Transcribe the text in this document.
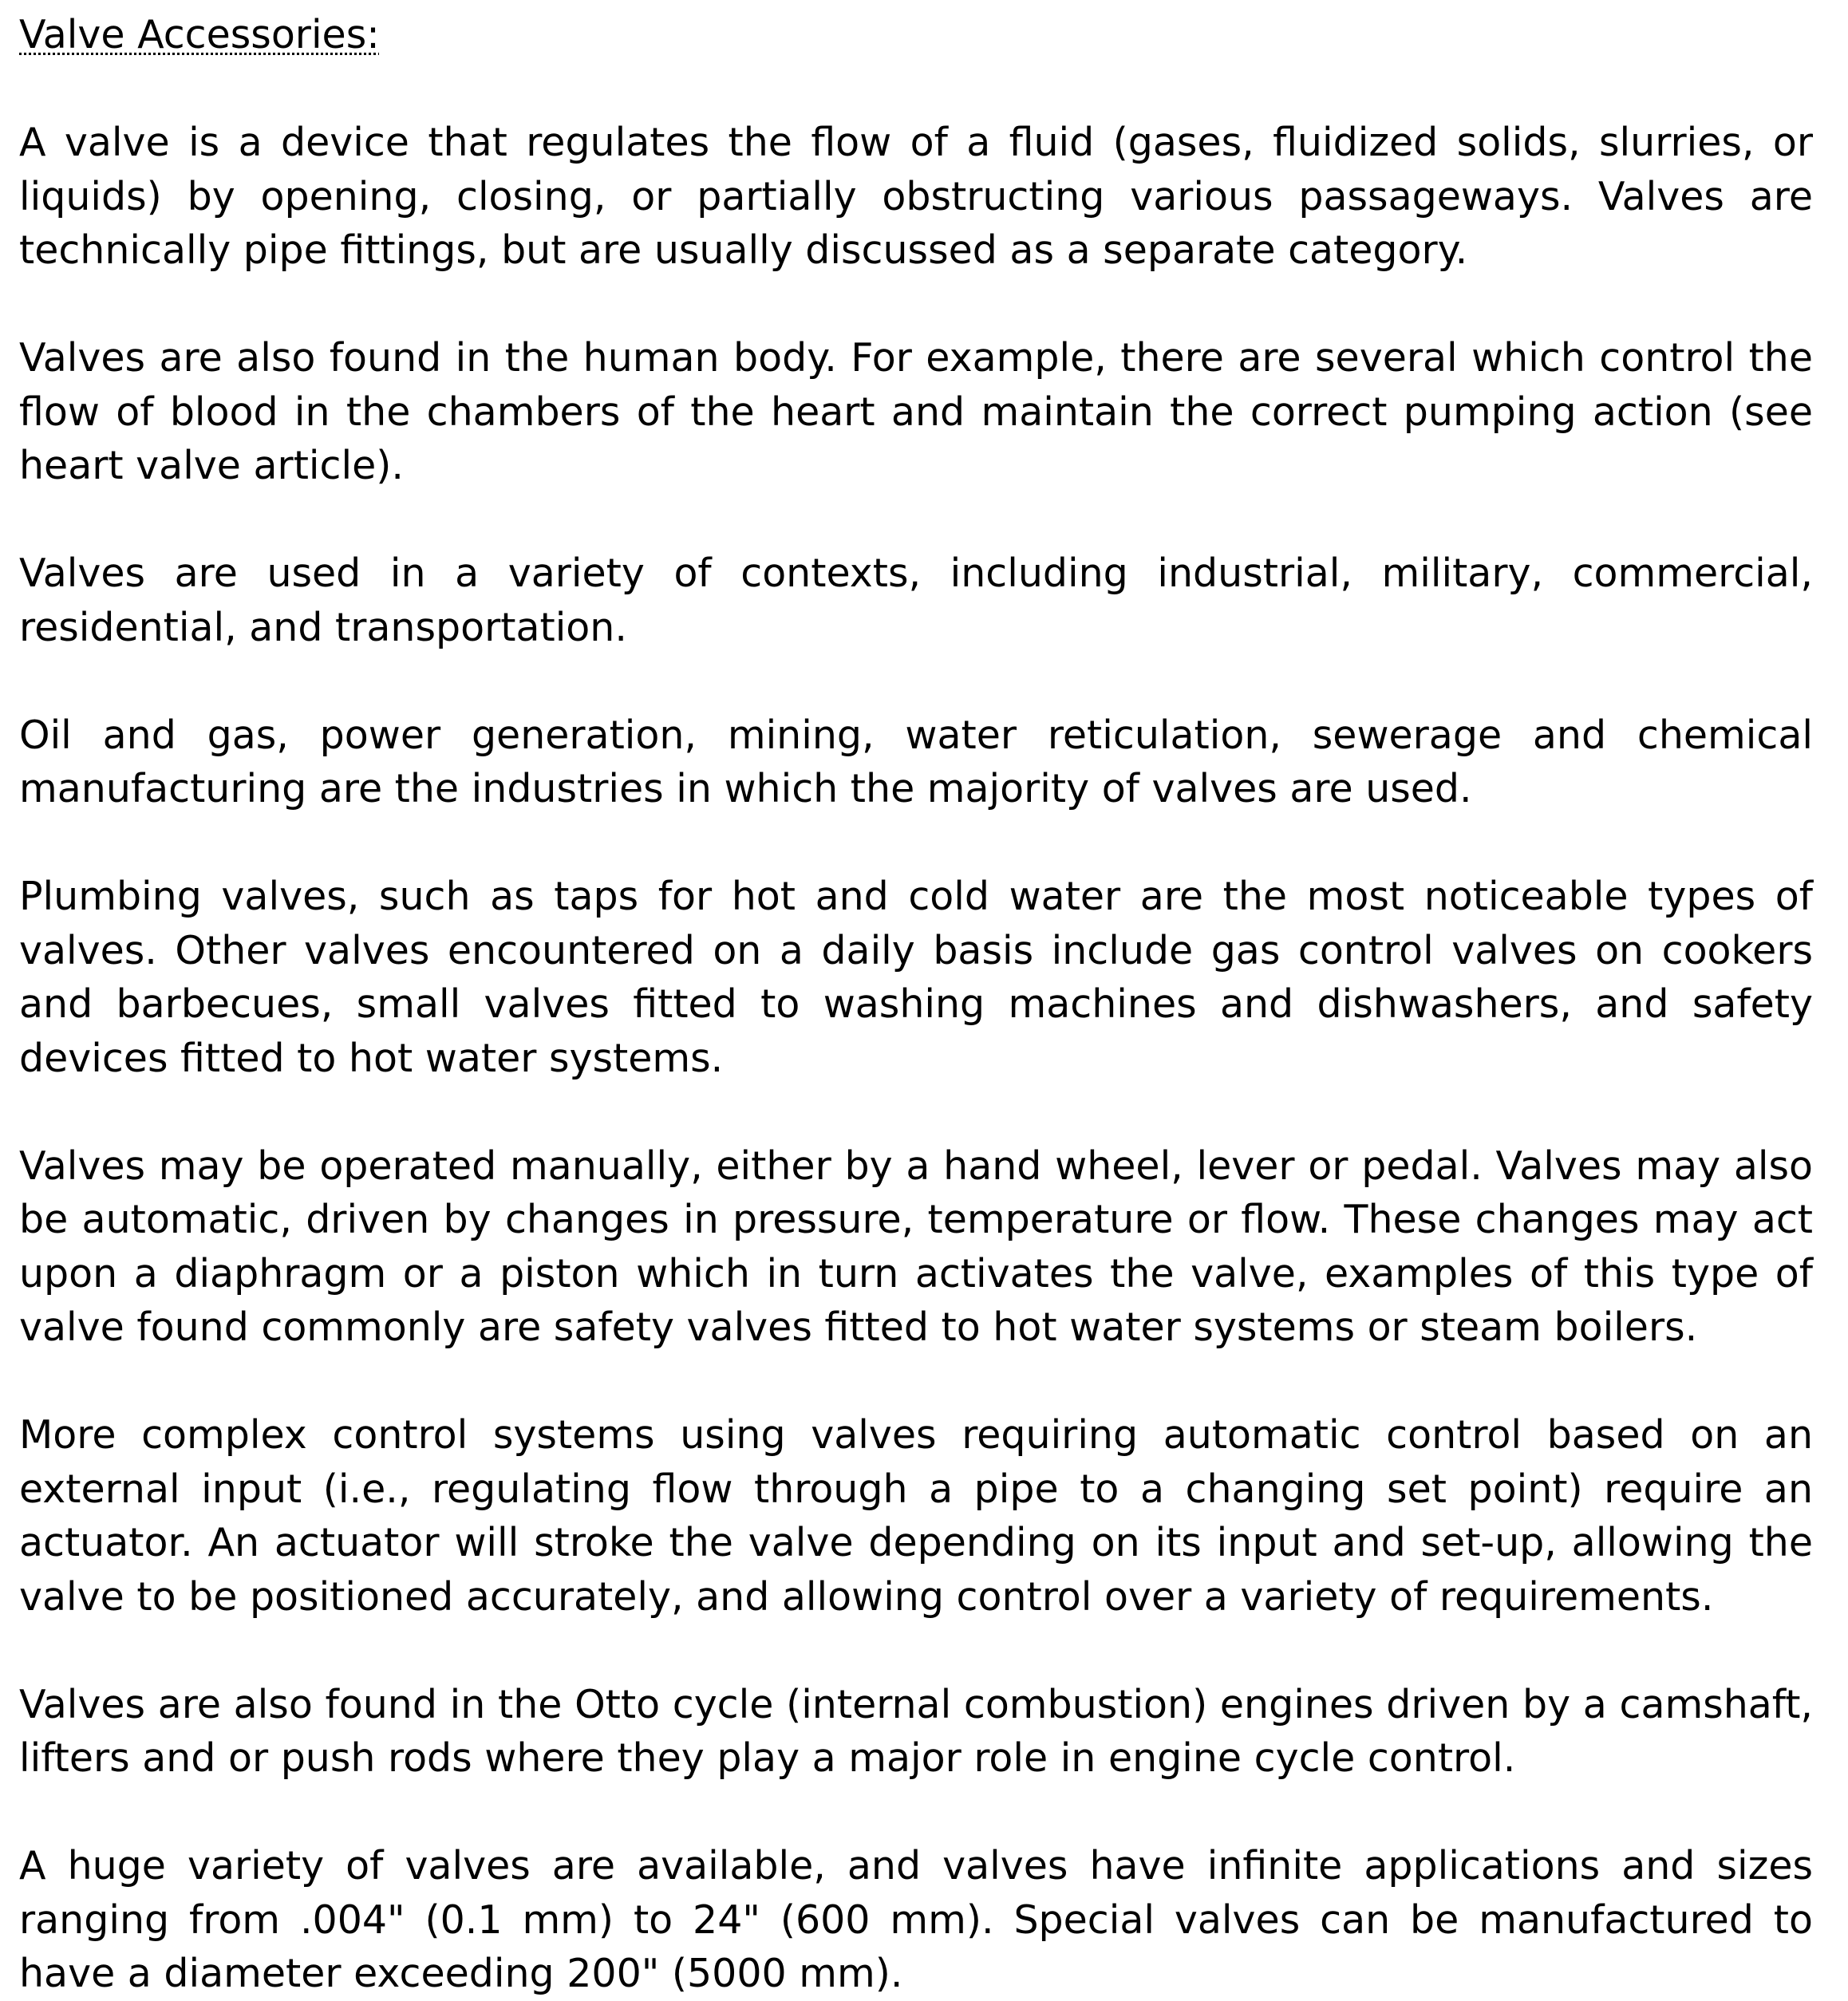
Valve Accessories:

A valve is a device that regulates the flow of a fluid (gases, fluidized solids, slurries, or liquids) by opening, closing, or partially obstructing various passageways. Valves are technically pipe fittings, but are usually discussed as a separate category.

Valves are also found in the human body. For example, there are several which control the flow of blood in the chambers of the heart and maintain the correct pumping action (see heart valve article).

Valves are used in a variety of contexts, including industrial, military, commercial, residential, and transportation.

Oil and gas, power generation, mining, water reticulation, sewerage and chemical manufacturing are the industries in which the majority of valves are used.

Plumbing valves, such as taps for hot and cold water are the most noticeable types of valves. Other valves encountered on a daily basis include gas control valves on cookers and barbecues, small valves fitted to washing machines and dishwashers, and safety devices fitted to hot water systems.

Valves may be operated manually, either by a hand wheel, lever or pedal. Valves may also be automatic, driven by changes in pressure, temperature or flow. These changes may act upon a diaphragm or a piston which in turn activates the valve, examples of this type of valve found commonly are safety valves fitted to hot water systems or steam boilers.

More complex control systems using valves requiring automatic control based on an external input (i.e., regulating flow through a pipe to a changing set point) require an actuator. An actuator will stroke the valve depending on its input and set-up, allowing the valve to be positioned accurately, and allowing control over a variety of requirements.

Valves are also found in the Otto cycle (internal combustion) engines driven by a camshaft, lifters and or push rods where they play a major role in engine cycle control.

A huge variety of valves are available, and valves have infinite applications and sizes ranging from .004" (0.1 mm) to 24" (600 mm). Special valves can be manufactured to have a diameter exceeding 200" (5000 mm).
